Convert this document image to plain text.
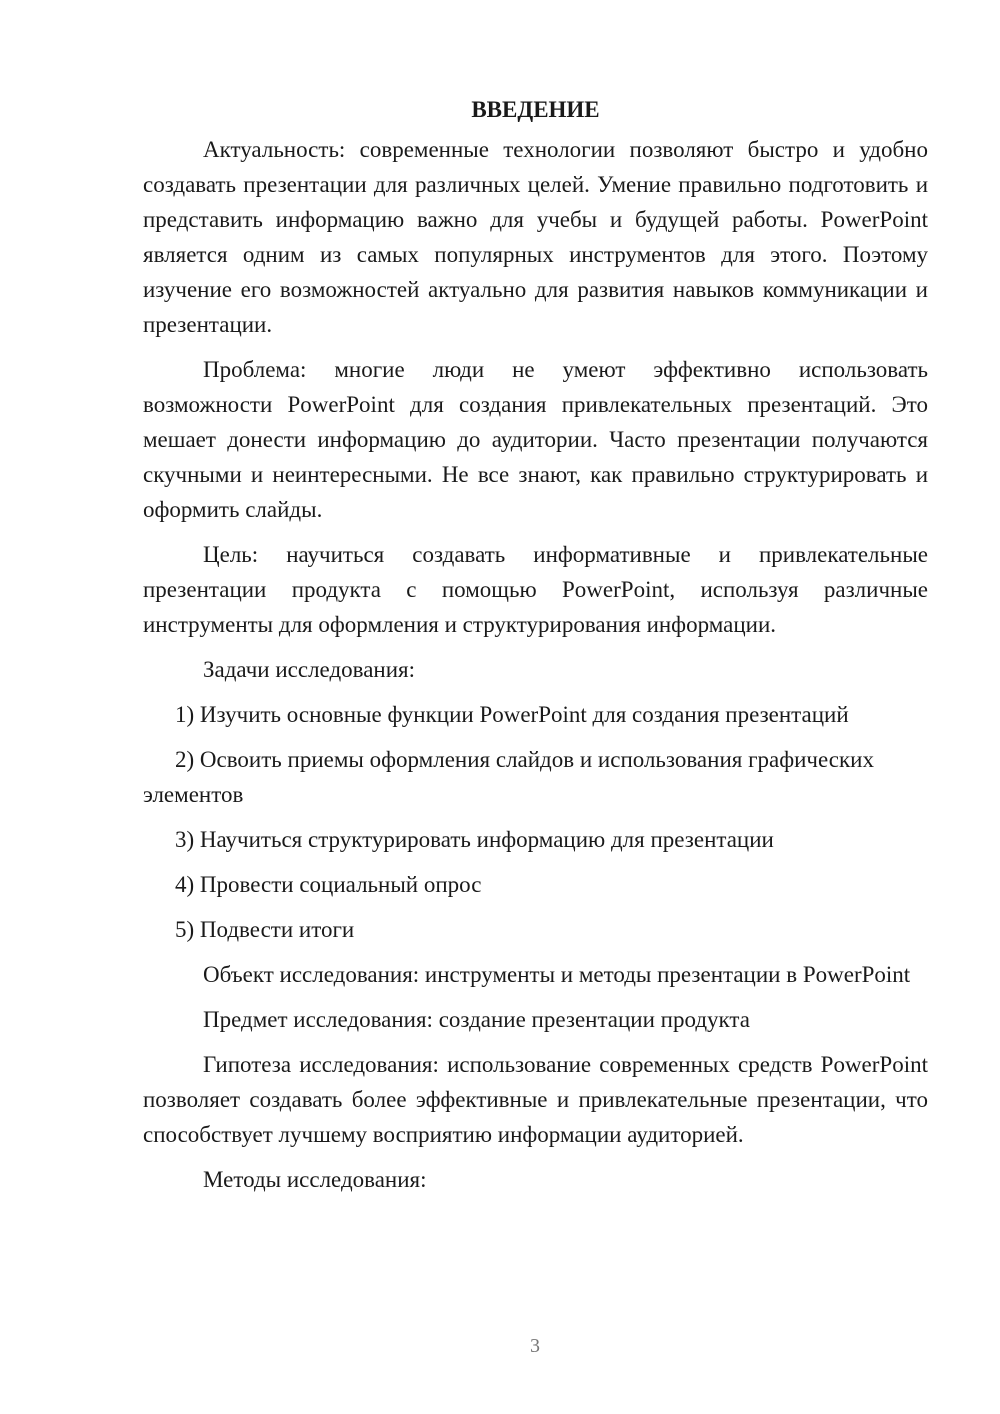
ВВЕДЕНИЕ

Актуальность: современные технологии позволяют быстро и удобно создавать презентации для различных целей. Умение правильно подготовить и представить информацию важно для учебы и будущей работы. PowerPoint является одним из самых популярных инструментов для этого. Поэтому изучение его возможностей актуально для развития навыков коммуникации и презентации.

Проблема: многие люди не умеют эффективно использовать возможности PowerPoint для создания привлекательных презентаций. Это мешает донести информацию до аудитории. Часто презентации получаются скучными и неинтересными. Не все знают, как правильно структурировать и оформить слайды.

Цель: научиться создавать информативные и привлекательные презентации продукта с помощью PowerPoint, используя различные инструменты для оформления и структурирования информации.

Задачи исследования:

1) Изучить основные функции PowerPoint для создания презентаций

2) Освоить приемы оформления слайдов и использования графических элементов

3) Научиться структурировать информацию для презентации

4) Провести социальный опрос

5) Подвести итоги

Объект исследования: инструменты и методы презентации в PowerPoint

Предмет исследования: создание презентации продукта

Гипотеза исследования: использование современных средств PowerPoint позволяет создавать более эффективные и привлекательные презентации, что способствует лучшему восприятию информации аудиторией.

Методы исследования:

3
